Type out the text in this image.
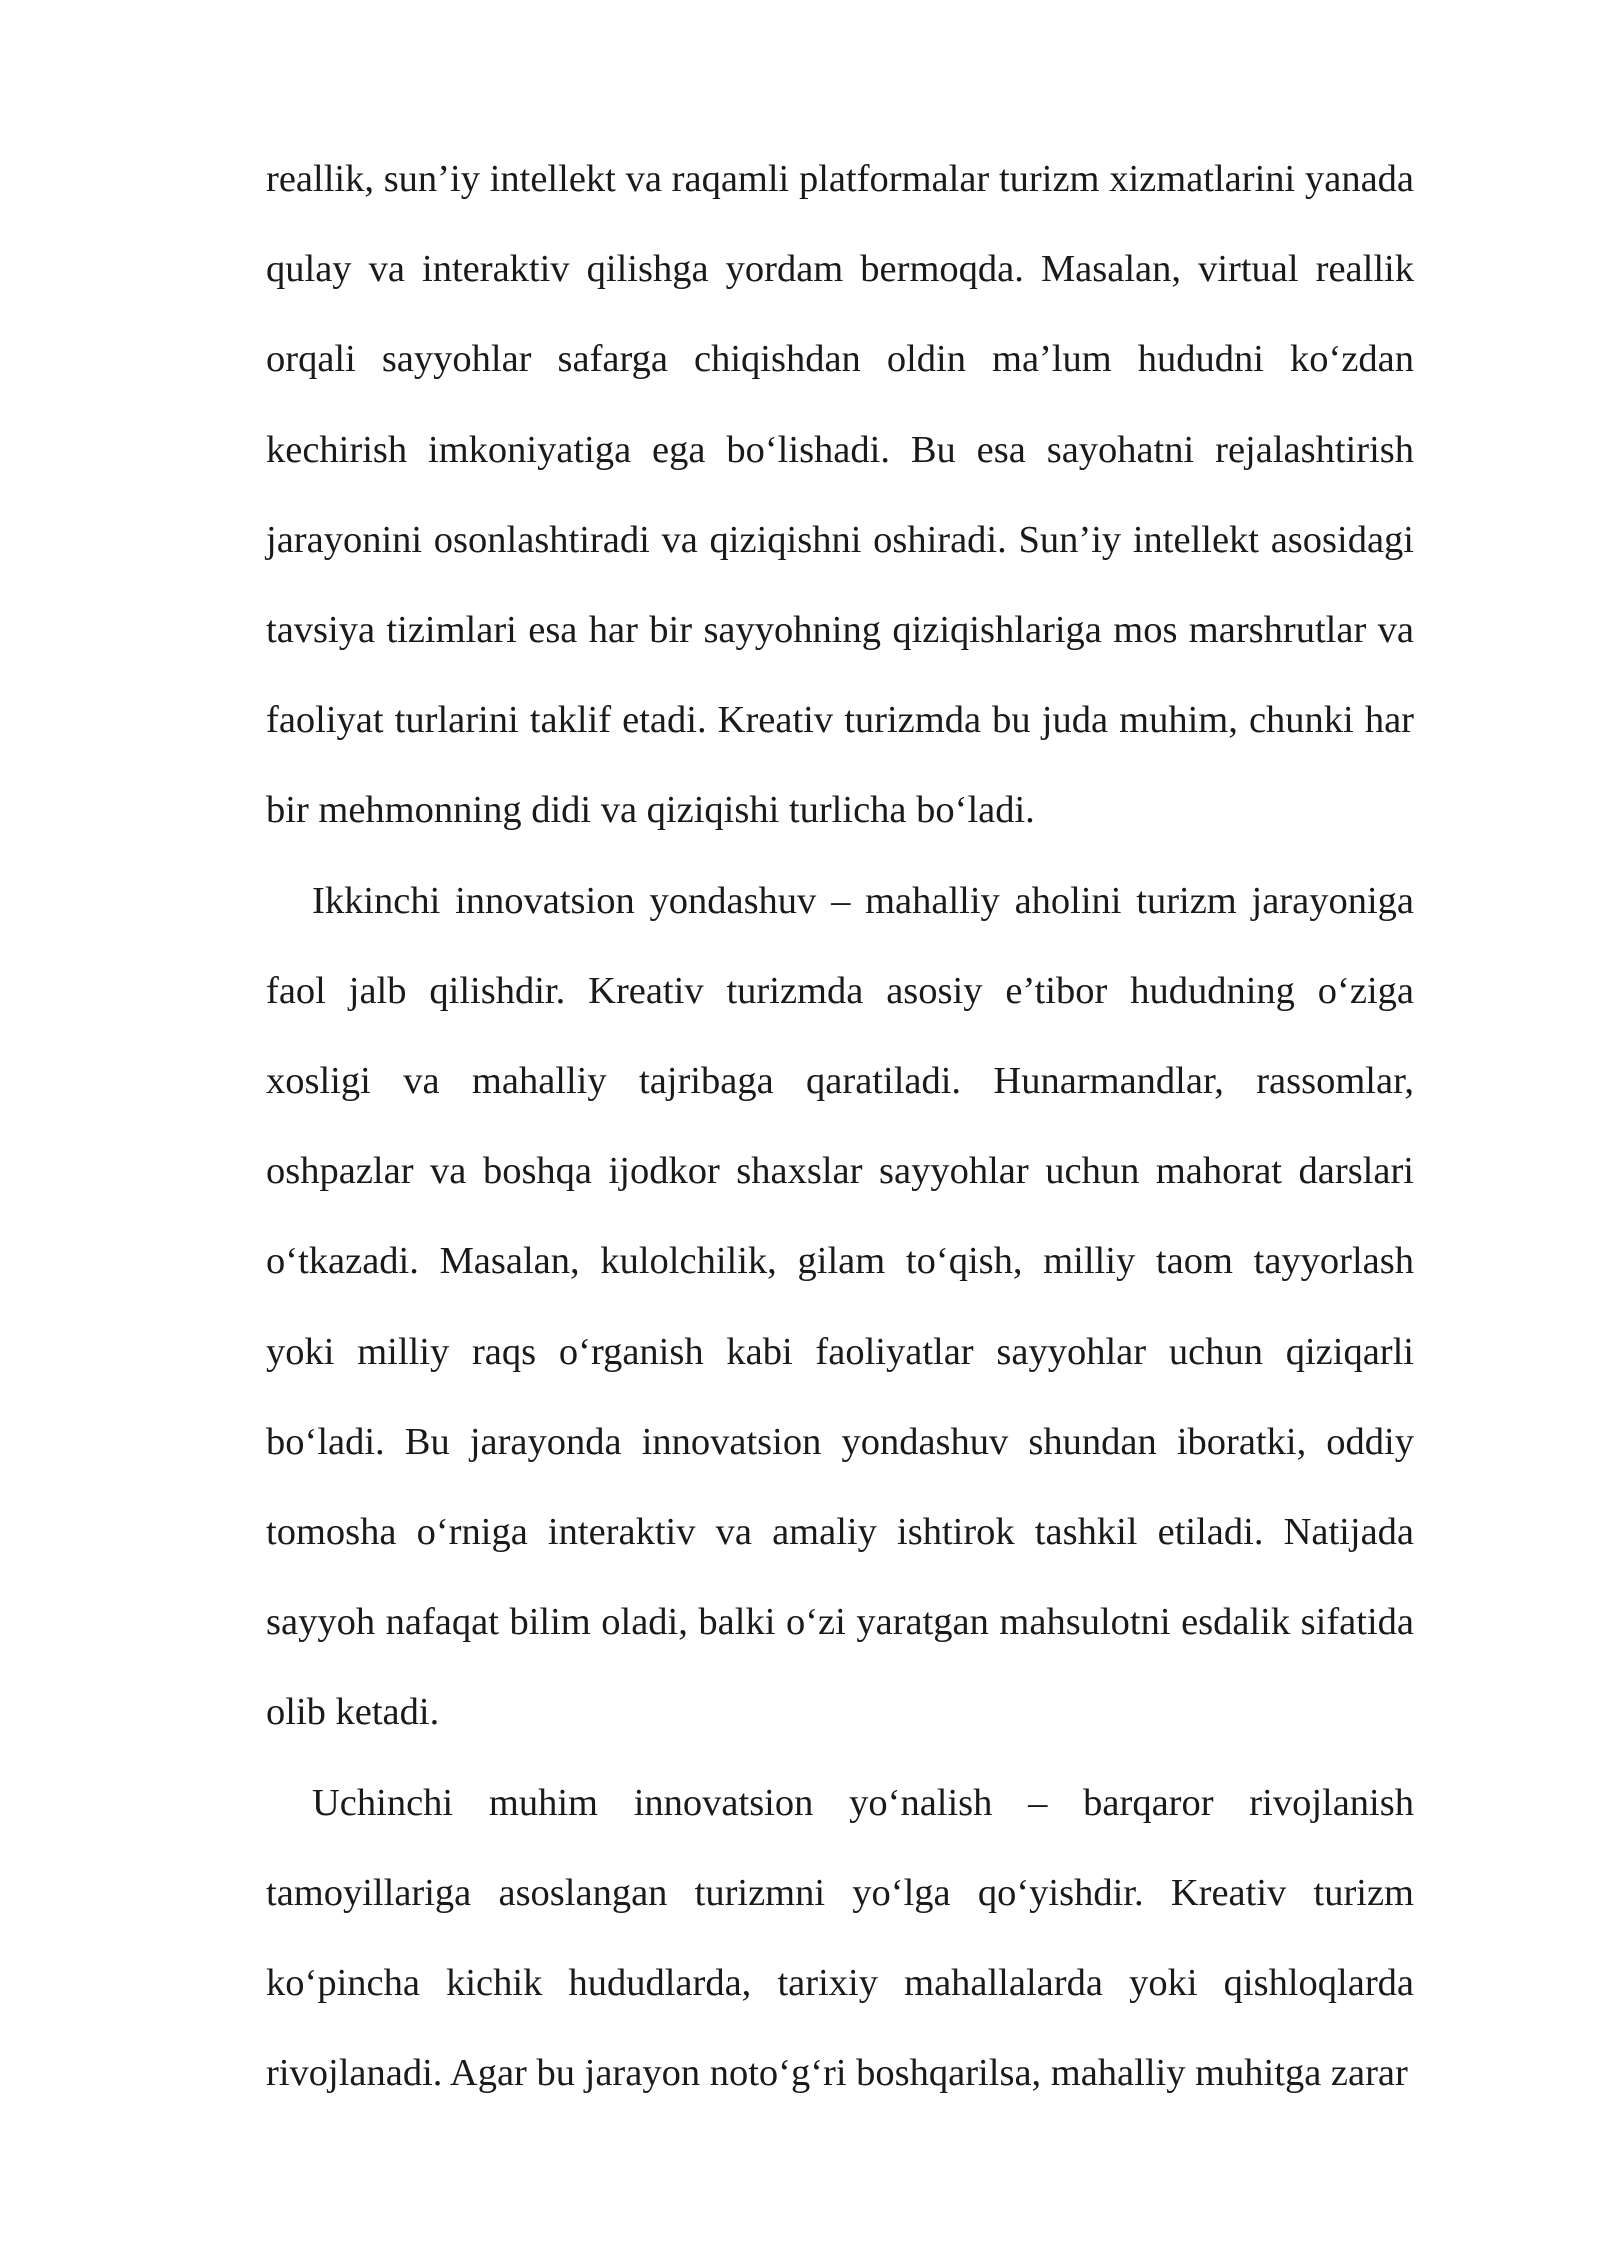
reallik, sun’iy intellekt va raqamli platformalar turizm xizmatlarini yanada qulay va interaktiv qilishga yordam bermoqda. Masalan, virtual reallik orqali sayyohlar safarga chiqishdan oldin ma’lum hududni ko‘zdan kechirish imkoniyatiga ega bo‘lishadi. Bu esa sayohatni rejalashtirish jarayonini osonlashtiradi va qiziqishni oshiradi. Sun’iy intellekt asosidagi tavsiya tizimlari esa har bir sayyohning qiziqishlariga mos marshrutlar va faoliyat turlarini taklif etadi. Kreativ turizmda bu juda muhim, chunki har bir mehmonning didi va qiziqishi turlicha bo‘ladi.

Ikkinchi innovatsion yondashuv – mahalliy aholini turizm jarayoniga faol jalb qilishdir. Kreativ turizmda asosiy e’tibor hududning o‘ziga xosligi va mahalliy tajribaga qaratiladi. Hunarmandlar, rassomlar, oshpazlar va boshqa ijodkor shaxslar sayyohlar uchun mahorat darslari o‘tkazadi. Masalan, kulolchilik, gilam to‘qish, milliy taom tayyorlash yoki milliy raqs o‘rganish kabi faoliyatlar sayyohlar uchun qiziqarli bo‘ladi. Bu jarayonda innovatsion yondashuv shundan iboratki, oddiy tomosha o‘rniga interaktiv va amaliy ishtirok tashkil etiladi. Natijada sayyoh nafaqat bilim oladi, balki o‘zi yaratgan mahsulotni esdalik sifatida olib ketadi.

Uchinchi muhim innovatsion yo‘nalish – barqaror rivojlanish tamoyillariga asoslangan turizmni yo‘lga qo‘yishdir. Kreativ turizm ko‘pincha kichik hududlarda, tarixiy mahallalarda yoki qishloqlarda rivojlanadi. Agar bu jarayon noto‘g‘ri boshqarilsa, mahalliy muhitga zarar
